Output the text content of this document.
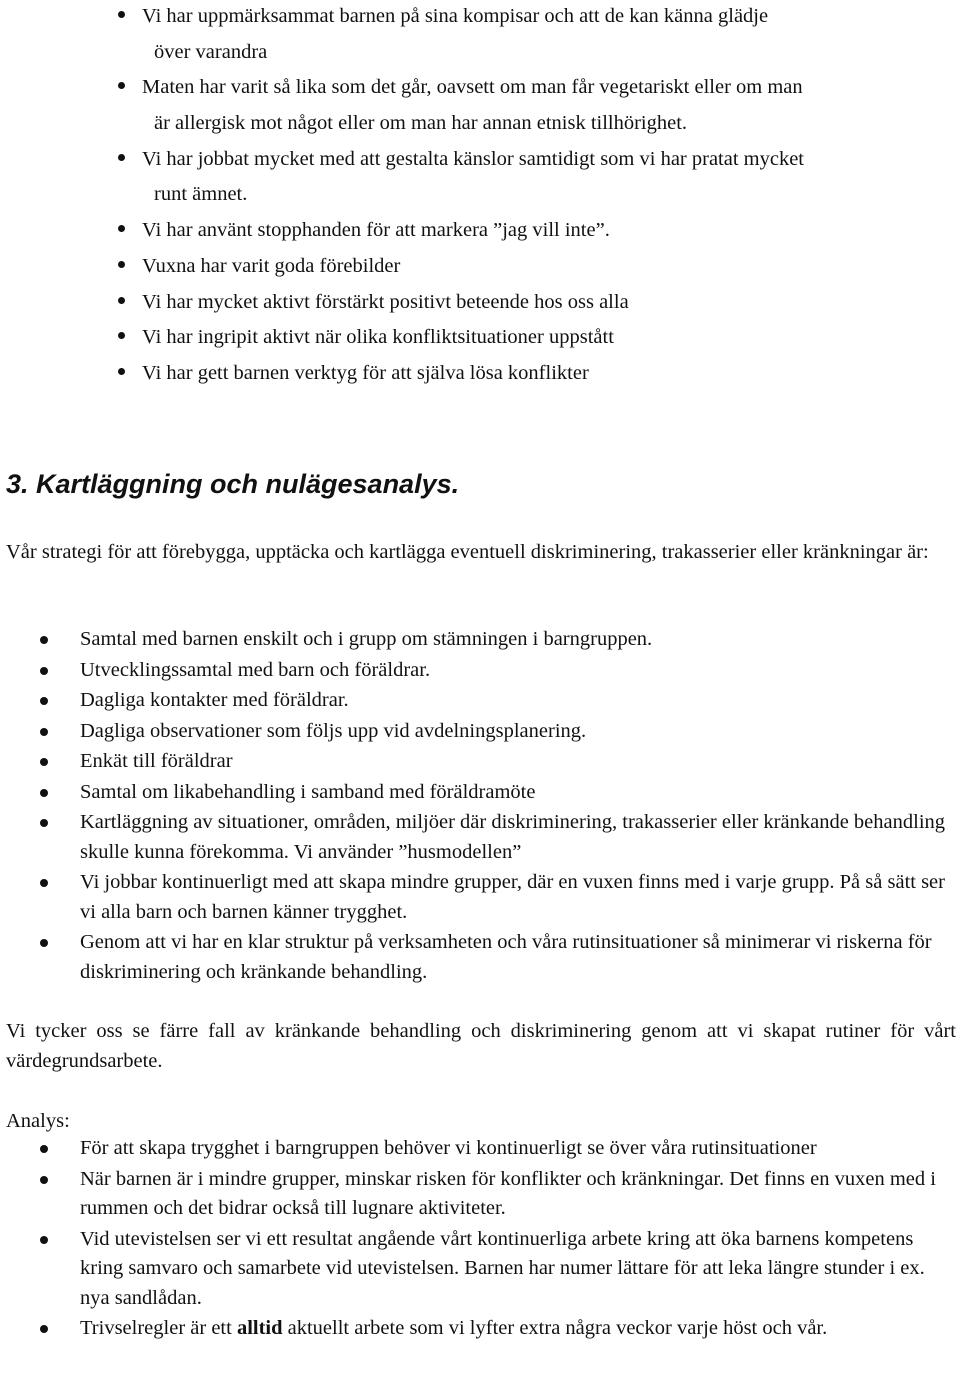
Vi har uppmärksammat barnen på sina kompisar och att de kan känna glädje
över varandra
Maten har varit så lika som det går, oavsett om man får vegetariskt eller om man
är allergisk mot något eller om man har annan etnisk tillhörighet.
Vi har jobbat mycket med att gestalta känslor samtidigt som vi har pratat mycket
runt ämnet.
Vi har använt stopphanden för att markera ”jag vill inte”.
Vuxna har varit goda förebilder
Vi har mycket aktivt förstärkt positivt beteende hos oss alla
Vi har ingripit aktivt när olika konfliktsituationer uppstått
Vi har gett barnen verktyg för att själva lösa konflikter
3. Kartläggning och nulägesanalys.

Vår strategi för att förebygga, upptäcka och kartlägga eventuell diskriminering, trakasserier eller kränkningar är:

Samtal med barnen enskilt och i grupp om stämningen i barngruppen.
Utvecklingssamtal med barn och föräldrar.
Dagliga kontakter med föräldrar.
Dagliga observationer som följs upp vid avdelningsplanering.
Enkät till föräldrar
Samtal om likabehandling i samband med föräldramöte
Kartläggning av situationer, områden, miljöer där diskriminering, trakasserier eller kränkande behandling skulle kunna förekomma. Vi använder ”husmodellen”
Vi jobbar kontinuerligt med att skapa mindre grupper, där en vuxen finns med i varje grupp. På så sätt ser vi alla barn och barnen känner trygghet.
Genom att vi har en klar struktur på verksamheten och våra rutinsituationer så minimerar vi riskerna för diskriminering och kränkande behandling.

Vi tycker oss se färre fall av kränkande behandling och diskriminering genom att vi skapat rutiner för vårt värdegrundsarbete.

Analys:

För att skapa trygghet i barngruppen behöver vi kontinuerligt se över våra rutinsituationer
När barnen är i mindre grupper, minskar risken för konflikter och kränkningar. Det finns en vuxen med i rummen och det bidrar också till lugnare aktiviteter.
Vid utevistelsen ser vi ett resultat angående vårt kontinuerliga arbete kring att öka barnens kompetens kring samvaro och samarbete vid utevistelsen. Barnen har numer lättare för att leka längre stunder i ex. nya sandlådan.
Trivselregler är ett alltid aktuellt arbete som vi lyfter extra några veckor varje höst och vår.
